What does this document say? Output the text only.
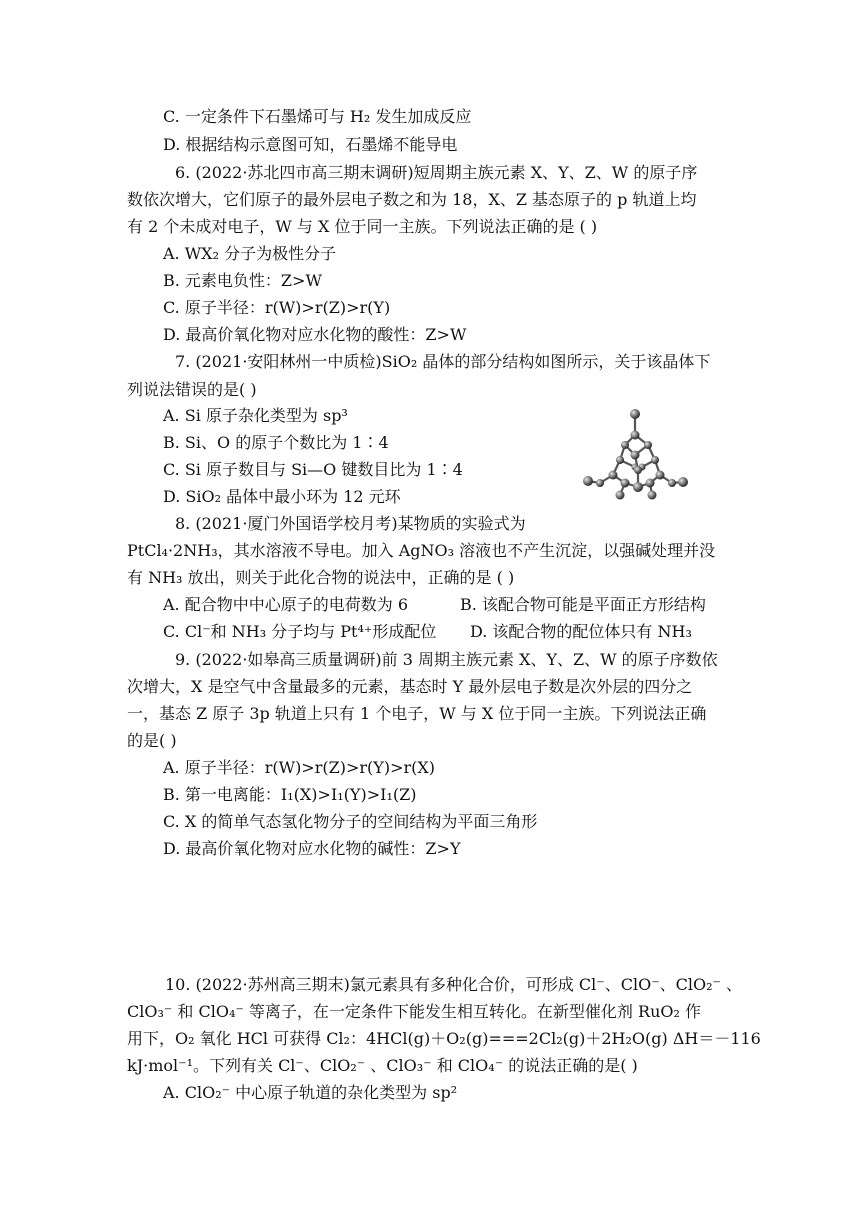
C. 一定条件下石墨烯可与 H₂ 发生加成反应
D. 根据结构示意图可知，石墨烯不能导电
6. (2022·苏北四市高三期末调研)短周期主族元素 X、Y、Z、W 的原子序
数依次增大，它们原子的最外层电子数之和为 18，X、Z 基态原子的 p 轨道上均
有 2 个未成对电子，W 与 X 位于同一主族。下列说法正确的是 ( )
A. WX₂ 分子为极性分子
B. 元素电负性：Z>W
C. 原子半径：r(W)>r(Z)>r(Y)
D. 最高价氧化物对应水化物的酸性：Z>W
7. (2021·安阳林州一中质检)SiO₂ 晶体的部分结构如图所示，关于该晶体下
列说法错误的是( )
A. Si 原子杂化类型为 sp³
B. Si、O 的原子个数比为 1∶4
C. Si 原子数目与 Si—O 键数目比为 1∶4
D. SiO₂ 晶体中最小环为 12 元环
8. (2021·厦门外国语学校月考)某物质的实验式为
PtCl₄·2NH₃，其水溶液不导电。加入 AgNO₃ 溶液也不产生沉淀，以强碱处理并没
有 NH₃ 放出，则关于此化合物的说法中，正确的是 ( )
A. 配合物中中心原子的电荷数为 6	B. 该配合物可能是平面正方形结构
C. Cl⁻和 NH₃ 分子均与 Pt⁴⁺形成配位 D. 该配合物的配位体只有 NH₃
9. (2022·如皋高三质量调研)前 3 周期主族元素 X、Y、Z、W 的原子序数依
次增大，X 是空气中含量最多的元素，基态时 Y 最外层电子数是次外层的四分之
一，基态 Z 原子 3p 轨道上只有 1 个电子，W 与 X 位于同一主族。下列说法正确
的是( )
A. 原子半径：r(W)>r(Z)>r(Y)>r(X)
B. 第一电离能：I₁(X)>I₁(Y)>I₁(Z)
C. X 的简单气态氢化物分子的空间结构为平面三角形
D. 最高价氧化物对应水化物的碱性：Z>Y
10. (2022·苏州高三期末)氯元素具有多种化合价，可形成 Cl⁻、ClO⁻、ClO₂⁻ 、
ClO₃⁻ 和 ClO₄⁻ 等离子，在一定条件下能发生相互转化。在新型催化剂 RuO₂ 作
用下，O₂ 氧化 HCl 可获得 Cl₂：4HCl(g)＋O₂(g)===2Cl₂(g)＋2H₂O(g) ΔH＝－116
kJ·mol⁻¹。下列有关 Cl⁻、ClO₂⁻ 、ClO₃⁻ 和 ClO₄⁻ 的说法正确的是( )
A. ClO₂⁻ 中心原子轨道的杂化类型为 sp²
